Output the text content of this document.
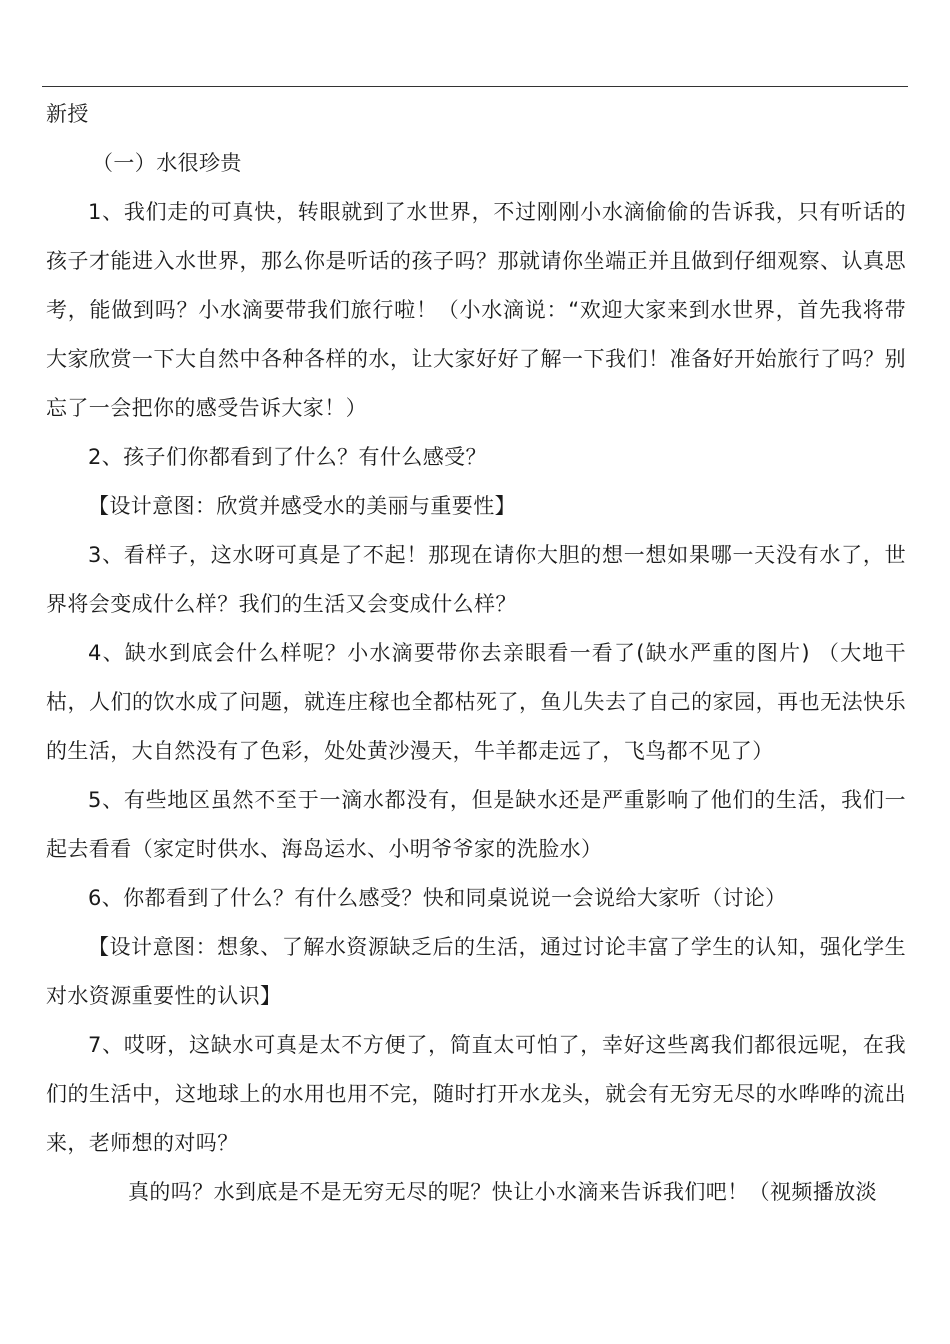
新授

（一）水很珍贵

1、我们走的可真快，转眼就到了水世界，不过刚刚小水滴偷偷的告诉我，只有听话的孩子才能进入水世界，那么你是听话的孩子吗？那就请你坐端正并且做到仔细观察、认真思考，能做到吗？小水滴要带我们旅行啦！（小水滴说：“欢迎大家来到水世界，首先我将带大家欣赏一下大自然中各种各样的水，让大家好好了解一下我们！准备好开始旅行了吗？别忘了一会把你的感受告诉大家！）

2、孩子们你都看到了什么？有什么感受？

【设计意图：欣赏并感受水的美丽与重要性】

3、看样子，这水呀可真是了不起！那现在请你大胆的想一想如果哪一天没有水了，世界将会变成什么样？我们的生活又会变成什么样？

4、缺水到底会什么样呢？小水滴要带你去亲眼看一看了(缺水严重的图片) （大地干枯，人们的饮水成了问题，就连庄稼也全都枯死了，鱼儿失去了自己的家园，再也无法快乐的生活，大自然没有了色彩，处处黄沙漫天，牛羊都走远了，飞鸟都不见了）

5、有些地区虽然不至于一滴水都没有，但是缺水还是严重影响了他们的生活，我们一起去看看（家定时供水、海岛运水、小明爷爷家的洗脸水）

6、你都看到了什么？有什么感受？快和同桌说说一会说给大家听（讨论）

【设计意图：想象、了解水资源缺乏后的生活，通过讨论丰富了学生的认知，强化学生对水资源重要性的认识】

7、哎呀，这缺水可真是太不方便了，简直太可怕了，幸好这些离我们都很远呢，在我们的生活中，这地球上的水用也用不完，随时打开水龙头，就会有无穷无尽的水哗哗的流出来，老师想的对吗？

真的吗？水到底是不是无穷无尽的呢？快让小水滴来告诉我们吧！（视频播放淡
